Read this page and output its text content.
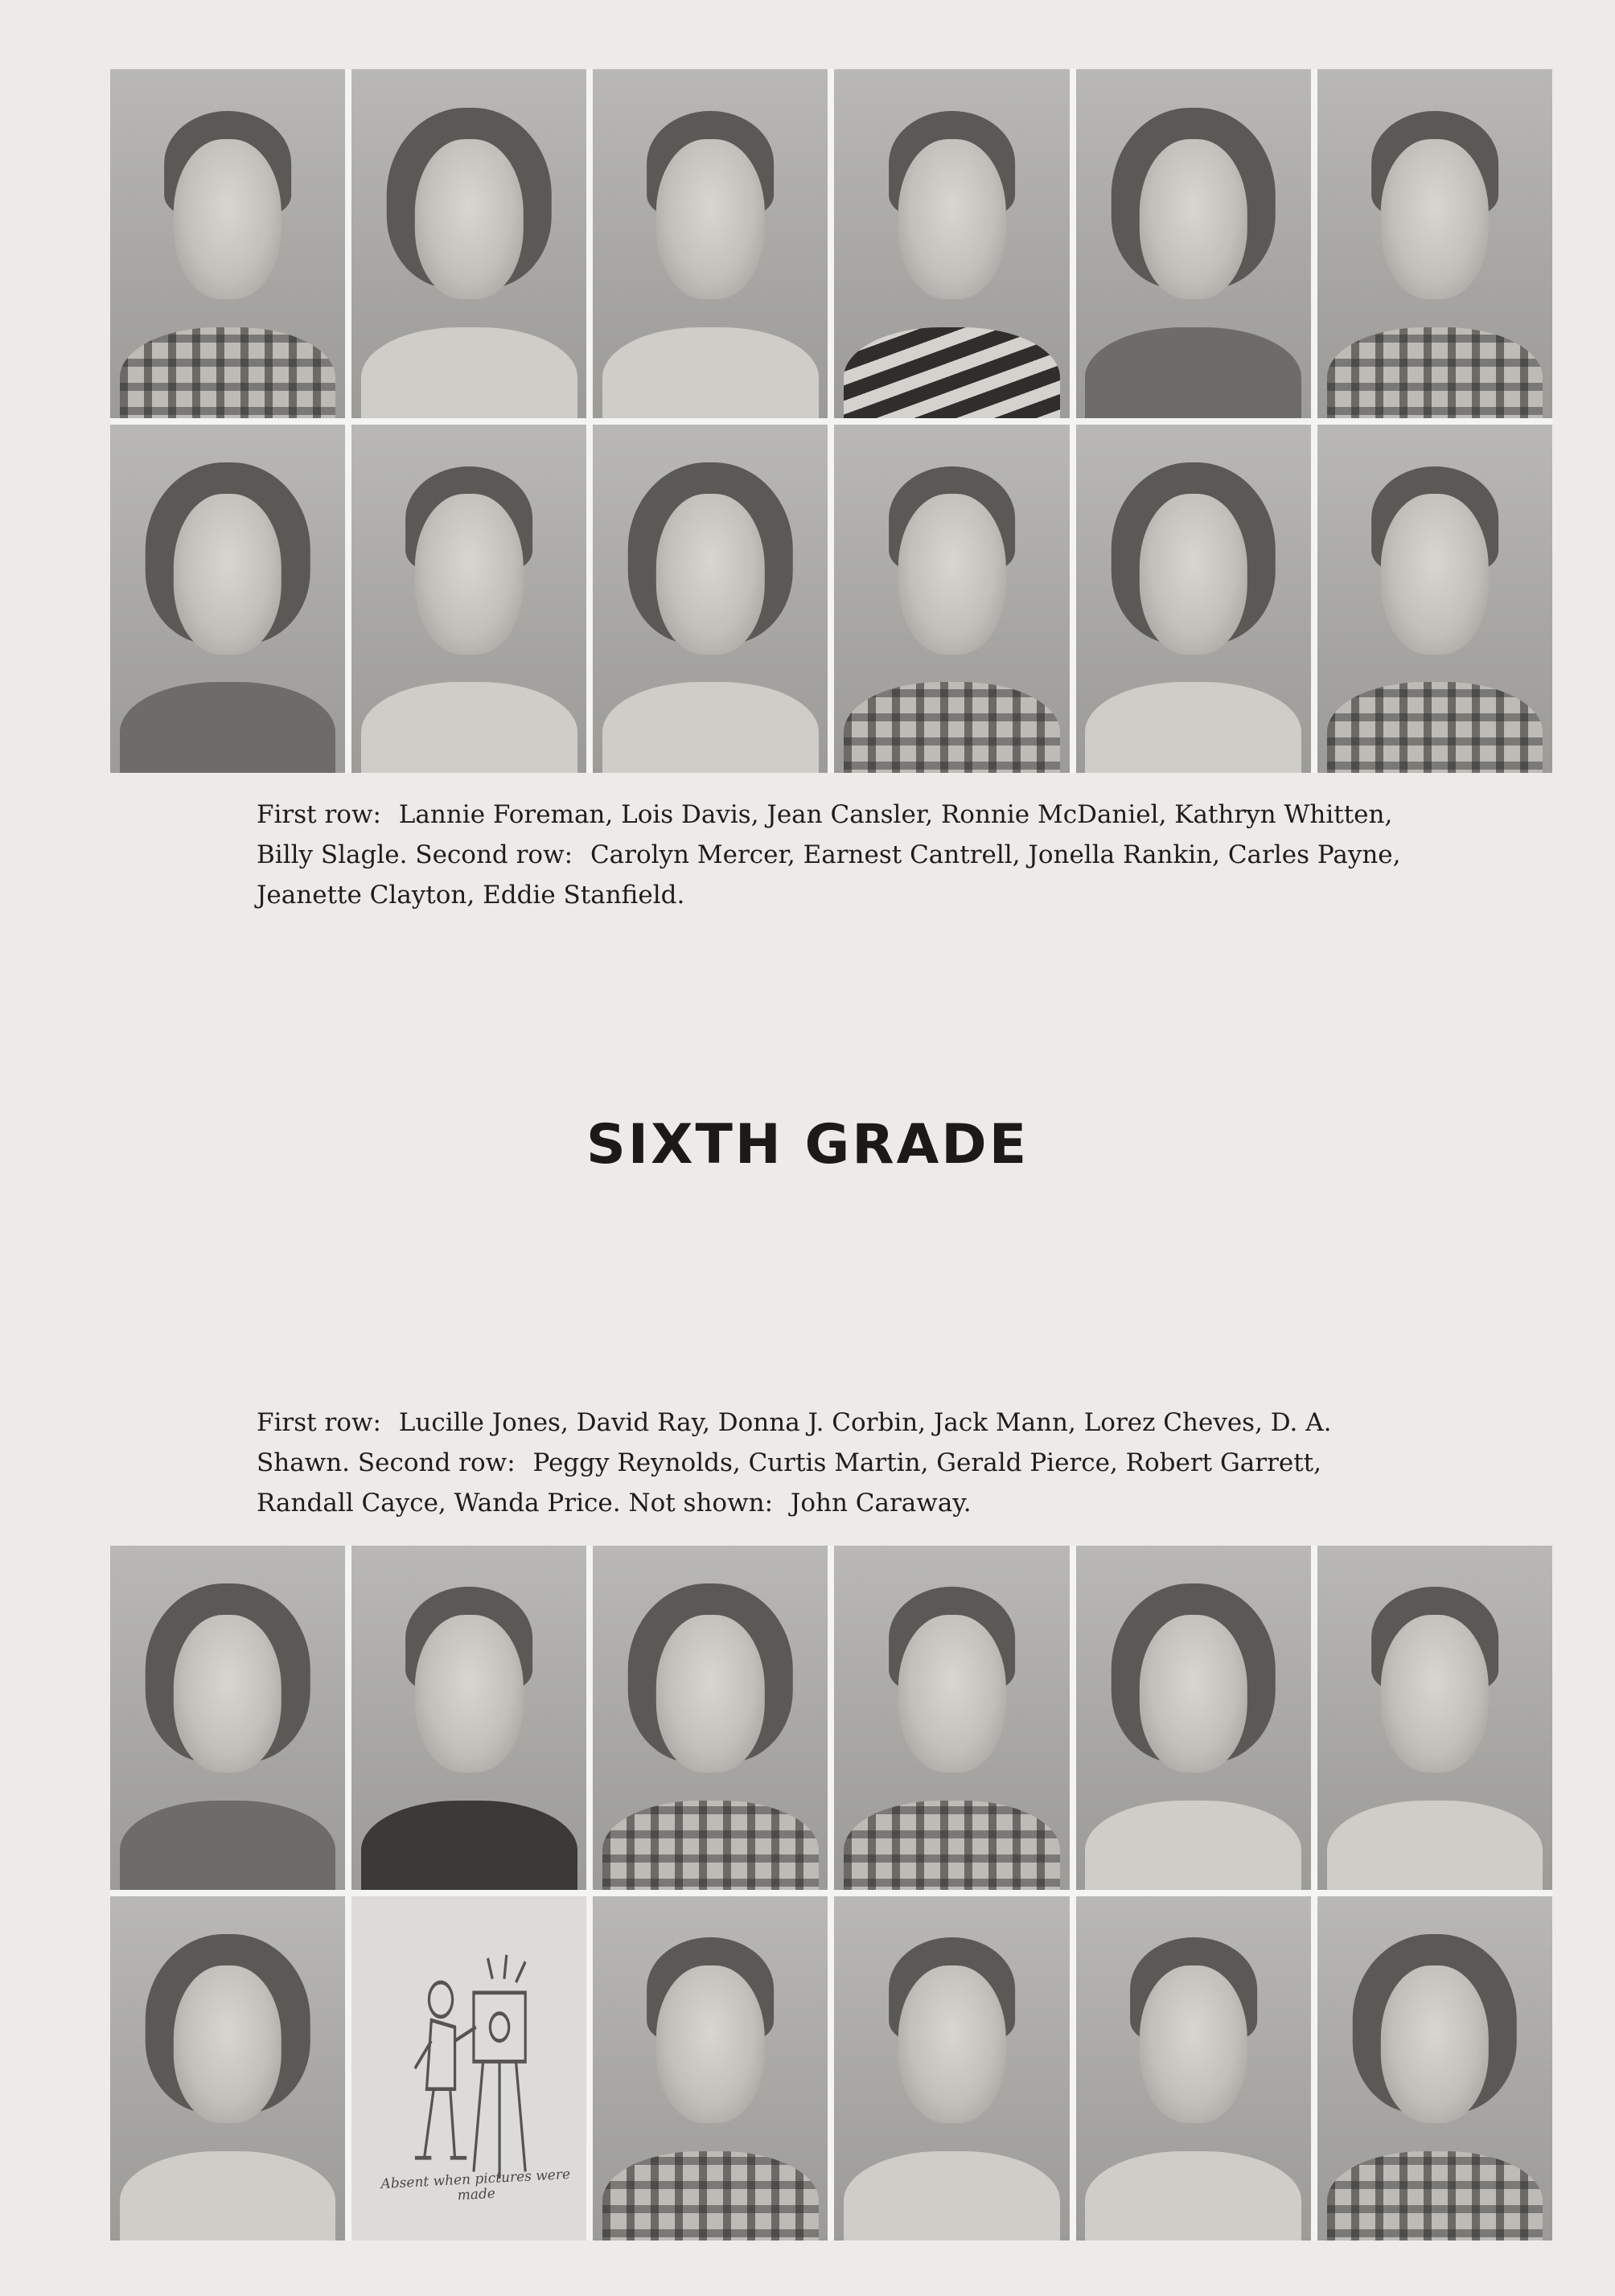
First row: Lannie Foreman, Lois Davis, Jean Cansler, Ronnie McDaniel, Kathryn Whitten, Billy Slagle. Second row: Carolyn Mercer, Earnest Cantrell, Jonella Rankin, Carles Payne, Jeanette Clayton, Eddie Stanfield.

SIXTH GRADE

First row: Lucille Jones, David Ray, Donna J. Corbin, Jack Mann, Lorez Cheves, D. A. Shawn. Second row: Peggy Reynolds, Curtis Martin, Gerald Pierce, Robert Garrett, Randall Cayce, Wanda Price. Not shown: John Caraway.

Absent when pictures were made
